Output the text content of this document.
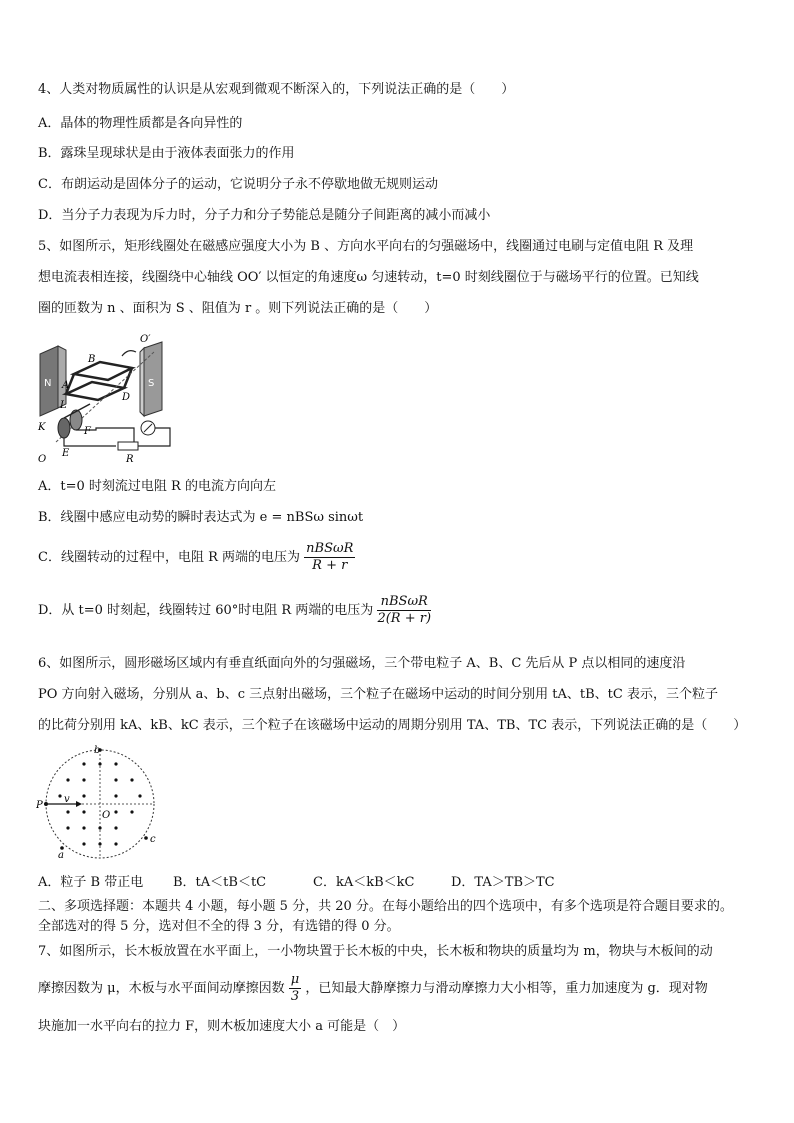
4、人类对物质属性的认识是从宏观到微观不断深入的，下列说法正确的是（　　）
A．晶体的物理性质都是各向异性的
B．露珠呈现球状是由于液体表面张力的作用
C．布朗运动是固体分子的运动，它说明分子永不停歇地做无规则运动
D．当分子力表现为斥力时，分子力和分子势能总是随分子间距离的减小而减小
5、如图所示，矩形线圈处在磁感应强度大小为 B 、方向水平向右的匀强磁场中，线圈通过电刷与定值电阻 R 及理
想电流表相连接，线圈绕中心轴线 OO′ 以恒定的角速度ω 匀速转动，t=0 时刻线圈位于与磁场平行的位置。已知线
圈的匝数为 n 、面积为 S 、阻值为 r 。则下列说法正确的是（　　）
O′
B
A
N	S
D
L
K	F
O
E
R
A．t=0 时刻流过电阻 R 的电流方向向左
B．线圈中感应电动势的瞬时表达式为 e = nBSω sinωt
C．线圈转动的过程中，电阻 R 两端的电压为 $\frac{\text{nBSωR}}{R + r}$
D．从 t=0 时刻起，线圈转过 60°时电阻 R 两端的电压为 $\frac{\text{nBSωR}}{2(R + r)}$
6、如图所示，圆形磁场区域内有垂直纸面向外的匀强磁场，三个带电粒子 A、B、C 先后从 P 点以相同的速度沿
PO 方向射入磁场，分别从 a、b、c 三点射出磁场，三个粒子在磁场中运动的时间分别用 tA、tB、tC 表示，三个粒子
的比荷分别用 kA、kB、kC 表示，三个粒子在该磁场中运动的周期分别用 TA、TB、TC 表示，下列说法正确的是（　　）
b
P
v
O
c
a
A．粒子 B 带正电 B．tA＜tB＜tC	C．kA＜kB＜kC	D．TA＞TB＞TC
二、多项选择题：本题共 4 小题，每小题 5 分，共 20 分。在每小题给出的四个选项中，有多个选项是符合题目要求的。
全部选对的得 5 分，选对但不全的得 3 分，有选错的得 0 分。
7、如图所示，长木板放置在水平面上，一小物块置于长木板的中央，长木板和物块的质量均为 m，物块与木板间的动
摩擦因数为 μ，木板与水平面间动摩擦因数 $\frac{\mu}{3}$ ，已知最大静摩擦力与滑动摩擦力大小相等，重力加速度为 g．现对物
块施加一水平向右的拉力 F，则木板加速度大小 a 可能是（　）
